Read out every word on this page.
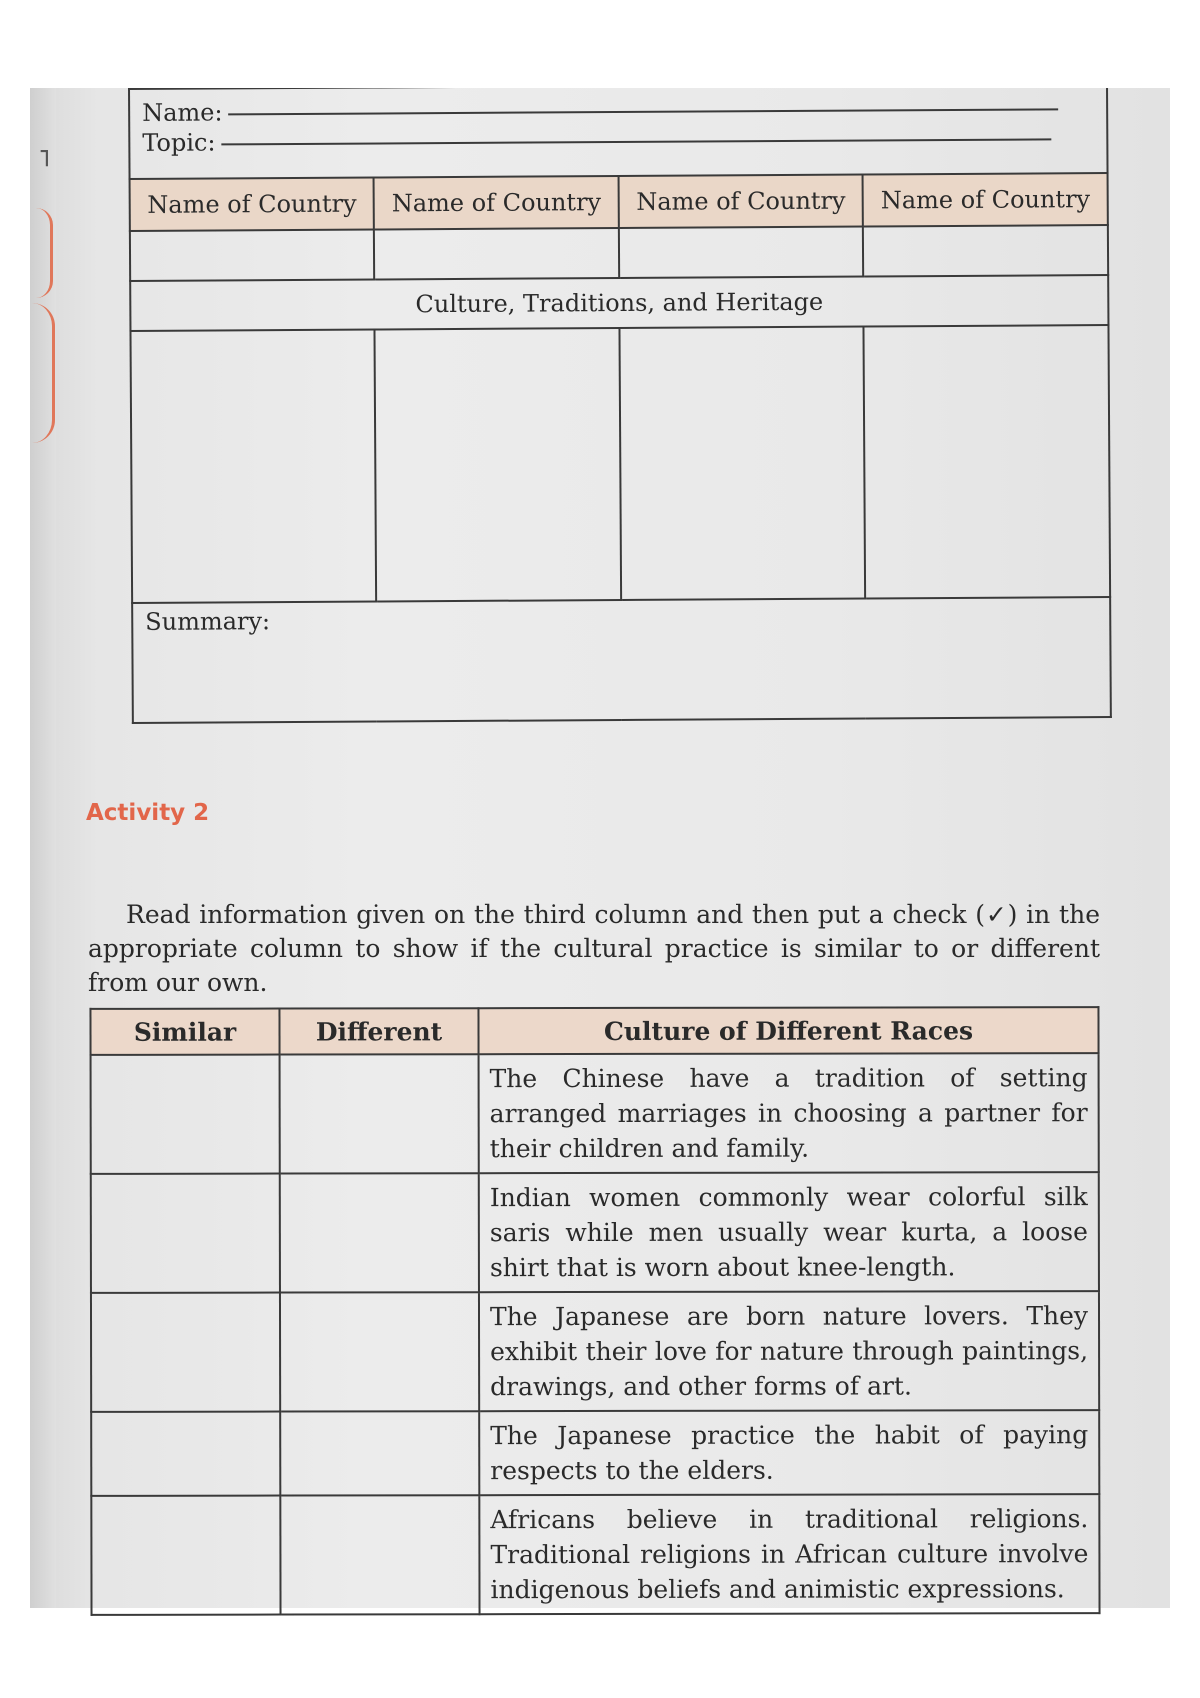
⌐
Name:
Topic:			

Name of Country	Name of Country	Name of Country	Name of Country

Culture, Traditions, and Heritage			

Summary:			
Activity 2

Read information given on the third column and then put a check (✓) in the appropriate column to show if the cultural practice is similar to or different from our own.

Similar	Different	Culture of Different Races
		The Chinese have a tradition of setting arranged marriages in choosing a partner for their children and family.
		Indian women commonly wear colorful silk saris while men usually wear kurta, a loose shirt that is worn about knee-length.
		The Japanese are born nature lovers. They exhibit their love for nature through paintings, drawings, and other forms of art.
		The Japanese practice the habit of paying respects to the elders.
		Africans believe in traditional religions. Traditional religions in African culture involve indigenous beliefs and animistic expressions.
